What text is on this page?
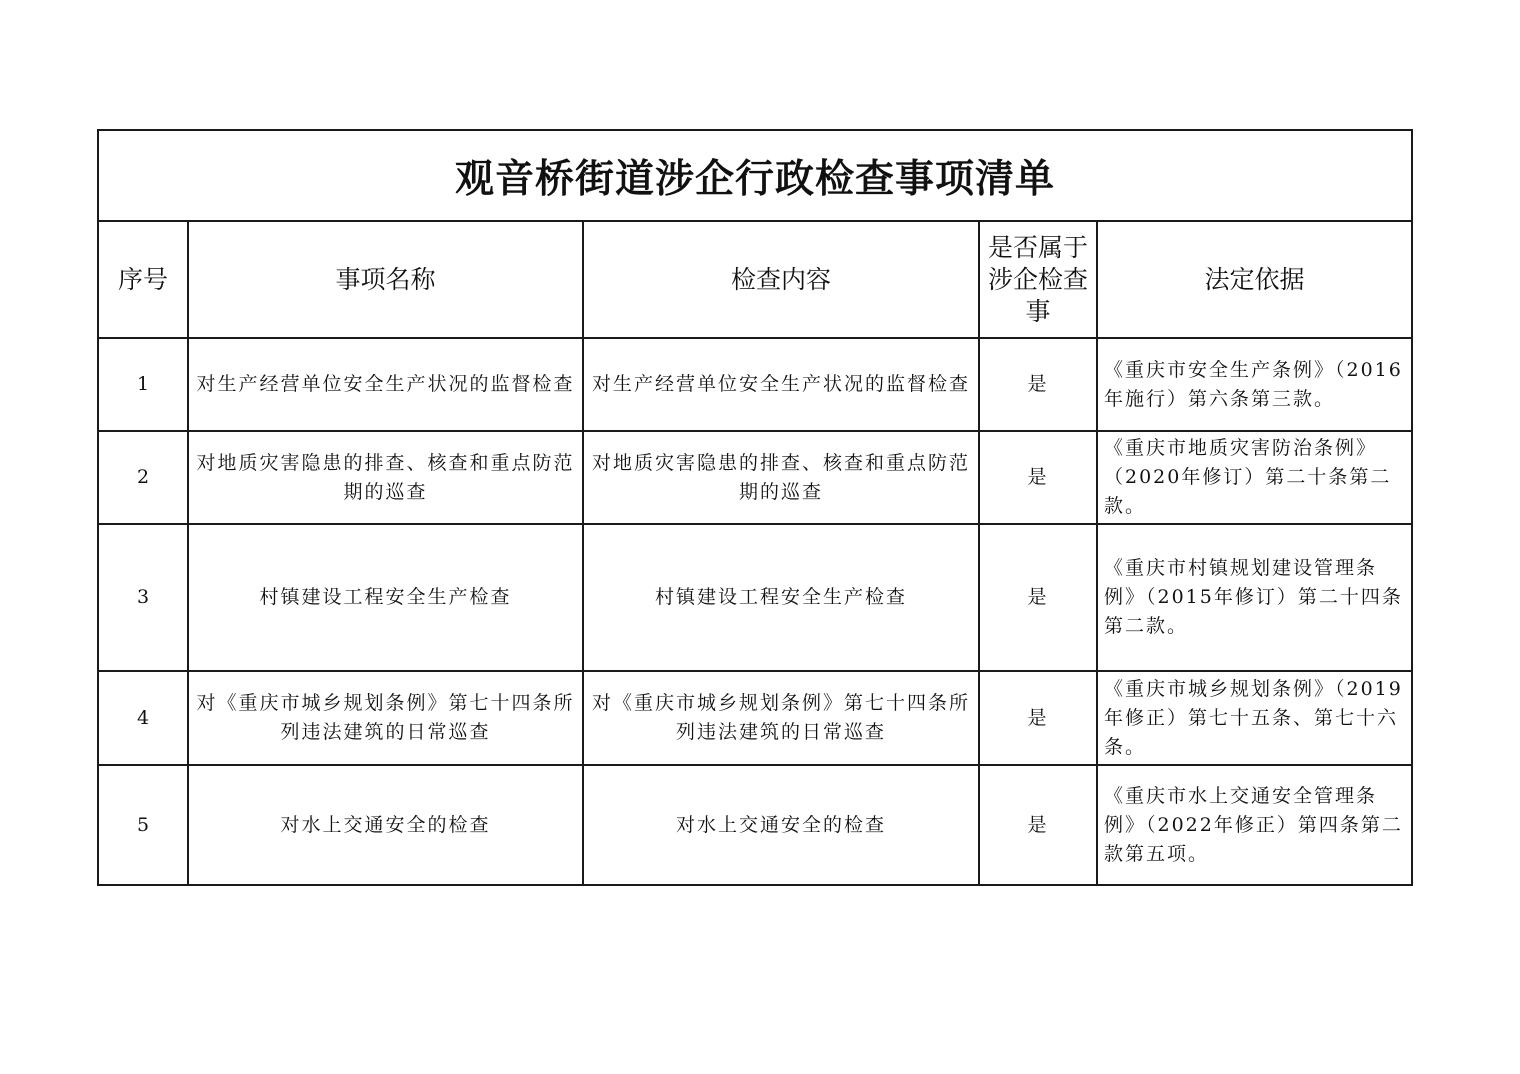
观音桥街道涉企行政检查事项清单				
序号	事项名称	检查内容	是否属于涉企检查事	法定依据
1	对生产经营单位安全生产状况的监督检查	对生产经营单位安全生产状况的监督检查	是	《重庆市安全生产条例》（2016年施行）第六条第三款。
2	对地质灾害隐患的排查、核查和重点防范期的巡查	对地质灾害隐患的排查、核查和重点防范期的巡查	是	《重庆市地质灾害防治条例》（2020年修订）第二十条第二款。
3	村镇建设工程安全生产检查	村镇建设工程安全生产检查	是	《重庆市村镇规划建设管理条例》（2015年修订）第二十四条第二款。
4	对《重庆市城乡规划条例》第七十四条所列违法建筑的日常巡查	对《重庆市城乡规划条例》第七十四条所列违法建筑的日常巡查	是	《重庆市城乡规划条例》（2019年修正）第七十五条、第七十六条。
5	对水上交通安全的检查	对水上交通安全的检查	是	《重庆市水上交通安全管理条例》（2022年修正）第四条第二款第五项。
